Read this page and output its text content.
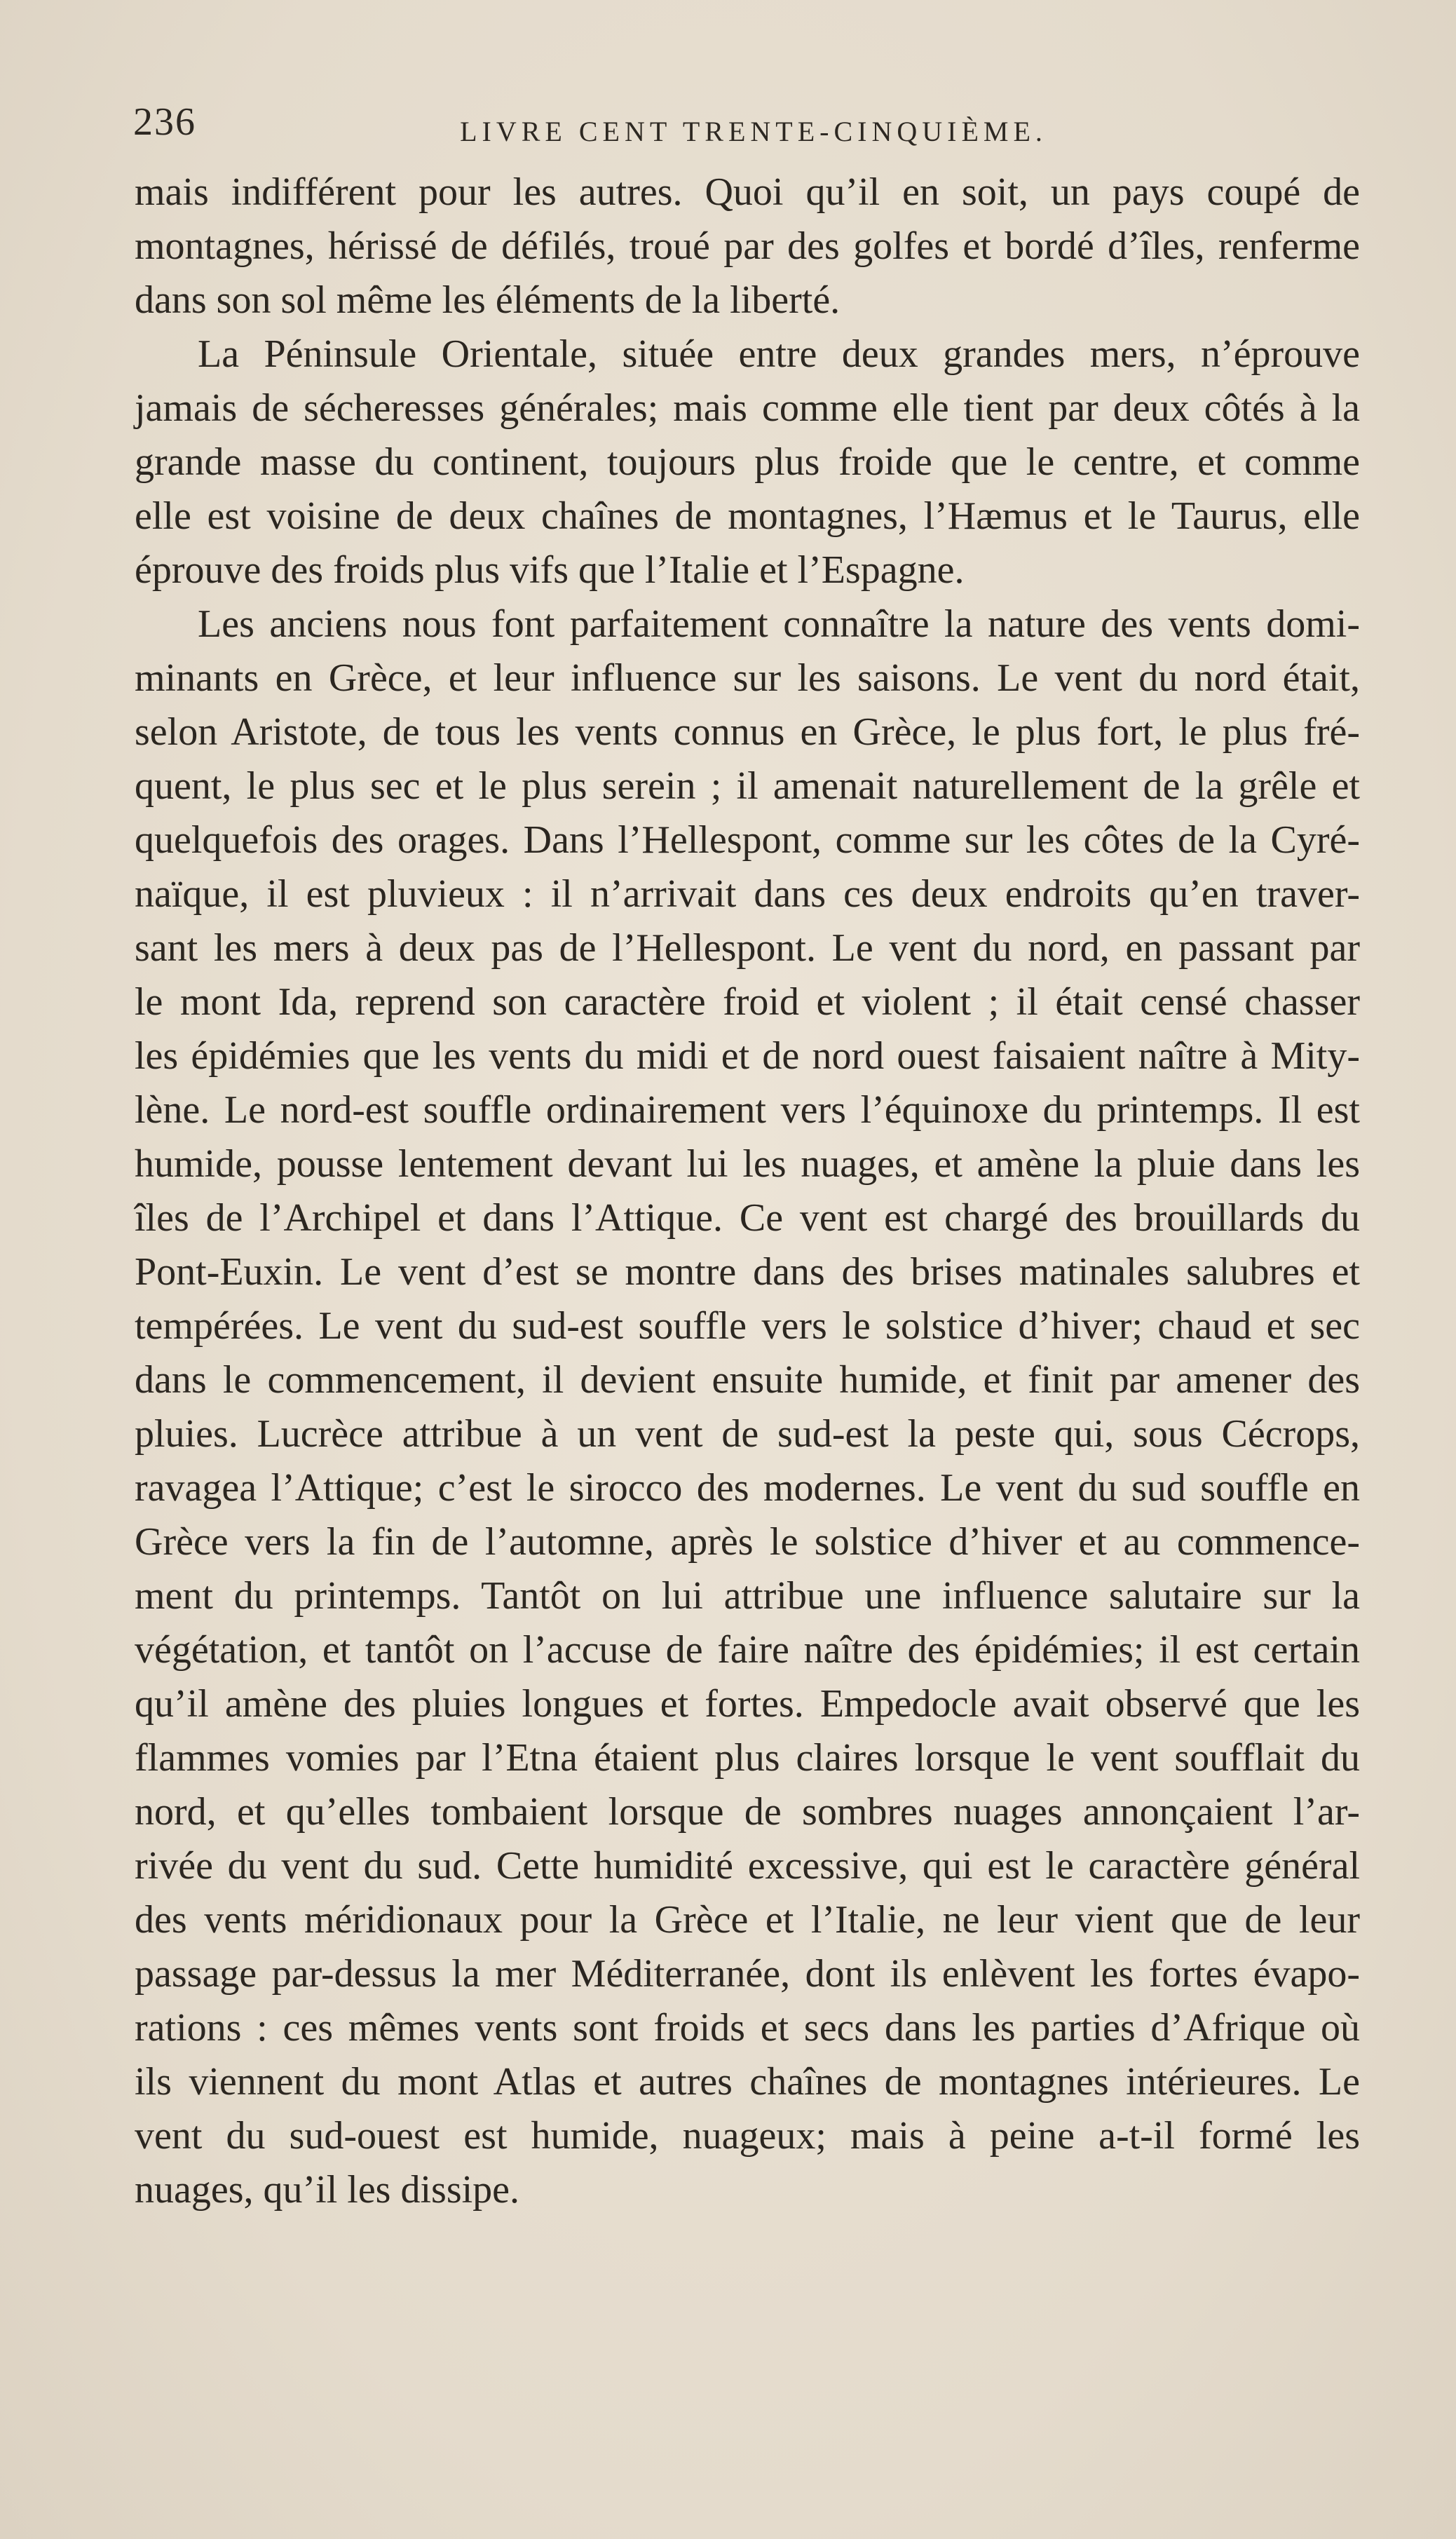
236	LIVRE CENT TRENTE-CINQUIÈME.
mais indifférent pour les autres. Quoi qu’il en soit, un pays coupé de
montagnes, hérissé de défilés, troué par des golfes et bordé d’îles, renferme
dans son sol même les éléments de la liberté.
La Péninsule Orientale, située entre deux grandes mers, n’éprouve
jamais de sécheresses générales; mais comme elle tient par deux côtés à la
grande masse du continent, toujours plus froide que le centre, et comme
elle est voisine de deux chaînes de montagnes, l’Hæmus et le Taurus, elle
éprouve des froids plus vifs que l’Italie et l’Espagne.
Les anciens nous font parfaitement connaître la nature des vents domi-
minants en Grèce, et leur influence sur les saisons. Le vent du nord était,
selon Aristote, de tous les vents connus en Grèce, le plus fort, le plus fré-
quent, le plus sec et le plus serein ; il amenait naturellement de la grêle et
quelquefois des orages. Dans l’Hellespont, comme sur les côtes de la Cyré-
naïque, il est pluvieux : il n’arrivait dans ces deux endroits qu’en traver-
sant les mers à deux pas de l’Hellespont. Le vent du nord, en passant par
le mont Ida, reprend son caractère froid et violent ; il était censé chasser
les épidémies que les vents du midi et de nord ouest faisaient naître à Mity-
lène. Le nord-est souffle ordinairement vers l’équinoxe du printemps. Il est
humide, pousse lentement devant lui les nuages, et amène la pluie dans les
îles de l’Archipel et dans l’Attique. Ce vent est chargé des brouillards du
Pont-Euxin. Le vent d’est se montre dans des brises matinales salubres et
tempérées. Le vent du sud-est souffle vers le solstice d’hiver; chaud et sec
dans le commencement, il devient ensuite humide, et finit par amener des
pluies. Lucrèce attribue à un vent de sud-est la peste qui, sous Cécrops,
ravagea l’Attique; c’est le sirocco des modernes. Le vent du sud souffle en
Grèce vers la fin de l’automne, après le solstice d’hiver et au commence-
ment du printemps. Tantôt on lui attribue une influence salutaire sur la
végétation, et tantôt on l’accuse de faire naître des épidémies; il est certain
qu’il amène des pluies longues et fortes. Empedocle avait observé que les
flammes vomies par l’Etna étaient plus claires lorsque le vent soufflait du
nord, et qu’elles tombaient lorsque de sombres nuages annonçaient l’ar-
rivée du vent du sud. Cette humidité excessive, qui est le caractère général
des vents méridionaux pour la Grèce et l’Italie, ne leur vient que de leur
passage par-dessus la mer Méditerranée, dont ils enlèvent les fortes évapo-
rations : ces mêmes vents sont froids et secs dans les parties d’Afrique où
ils viennent du mont Atlas et autres chaînes de montagnes intérieures. Le
vent du sud-ouest est humide, nuageux; mais à peine a-t-il formé les
nuages, qu’il les dissipe.
